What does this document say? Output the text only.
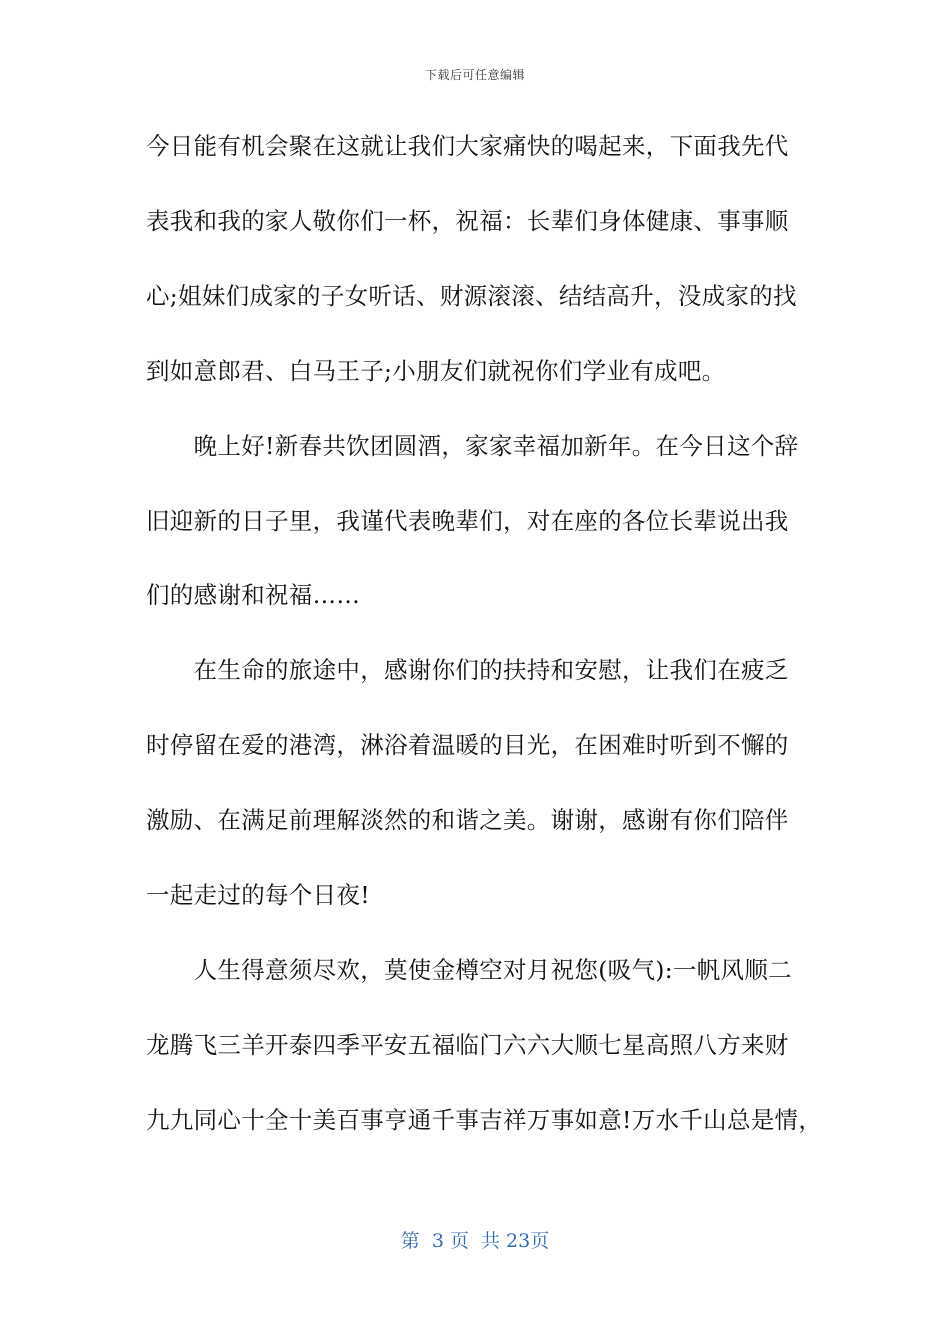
下载后可任意编辑
今日能有机会聚在这就让我们大家痛快的喝起来，下面我先代
表我和我的家人敬你们一杯，祝福：长辈们身体健康、事事顺
心;姐妹们成家的子女听话、财源滚滚、结结高升，没成家的找
到如意郎君、白马王子;小朋友们就祝你们学业有成吧。
　　晚上好!新春共饮团圆酒，家家幸福加新年。在今日这个辞
旧迎新的日子里，我谨代表晚辈们，对在座的各位长辈说出我
们的感谢和祝福……
　　在生命的旅途中，感谢你们的扶持和安慰，让我们在疲乏
时停留在爱的港湾，淋浴着温暖的目光，在困难时听到不懈的
激励、在满足前理解淡然的和谐之美。谢谢，感谢有你们陪伴
一起走过的每个日夜!
　　人生得意须尽欢，莫使金樽空对月祝您(吸气):一帆风顺二
龙腾飞三羊开泰四季平安五福临门六六大顺七星高照八方来财
九九同心十全十美百事亨通千事吉祥万事如意!万水千山总是情，
第  3 页  共 23页
